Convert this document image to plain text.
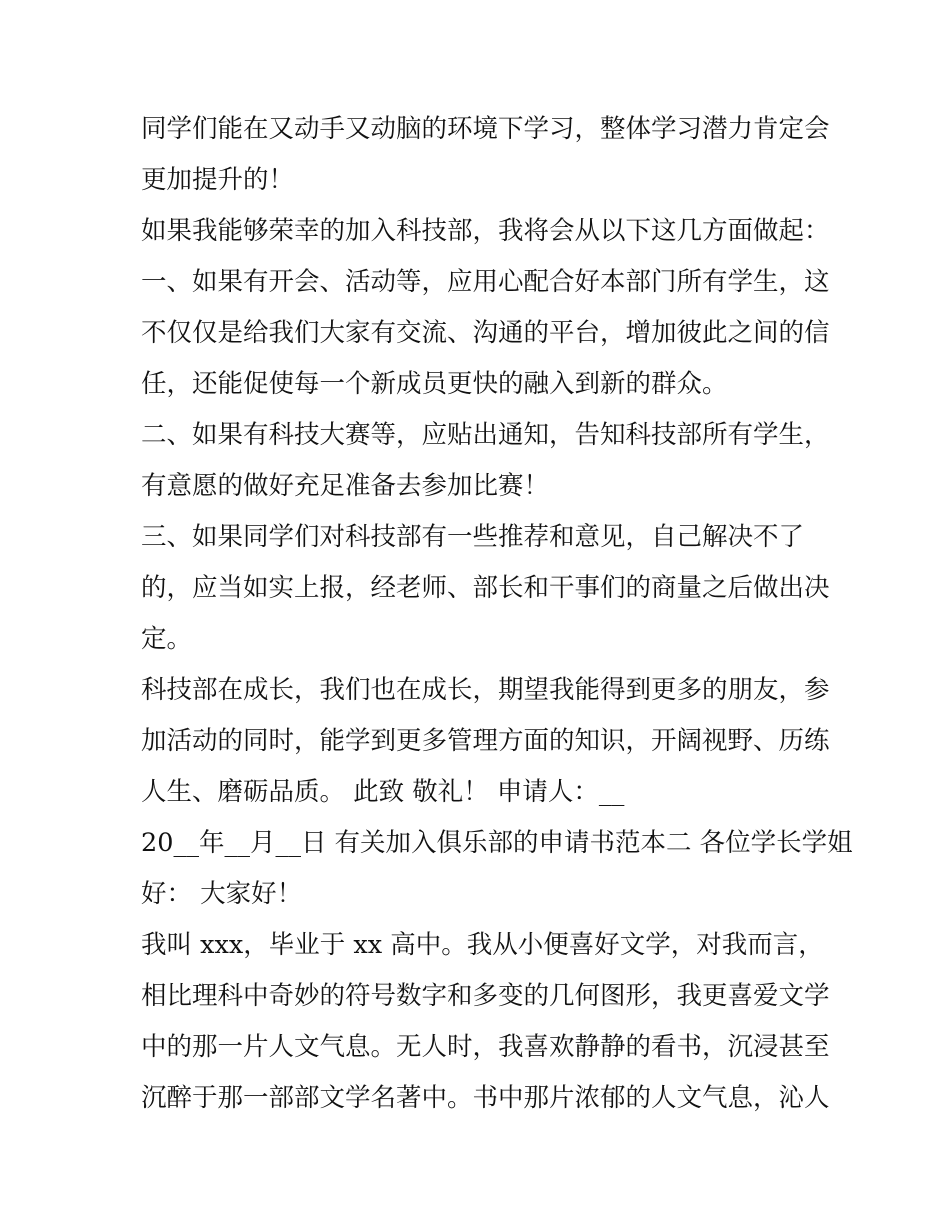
同学们能在又动手又动脑的环境下学习，整体学习潜力肯定会

更加提升的！

如果我能够荣幸的加入科技部，我将会从以下这几方面做起：

一、如果有开会、活动等，应用心配合好本部门所有学生，这

不仅仅是给我们大家有交流、沟通的平台，增加彼此之间的信

任，还能促使每一个新成员更快的融入到新的群众。

二、如果有科技大赛等，应贴出通知，告知科技部所有学生，

有意愿的做好充足准备去参加比赛！

三、如果同学们对科技部有一些推荐和意见，自己解决不了

的，应当如实上报，经老师、部长和干事们的商量之后做出决

定。

科技部在成长，我们也在成长，期望我能得到更多的朋友，参

加活动的同时，能学到更多管理方面的知识，开阔视野、历练

人生、磨砺品质。 此致 敬礼！ 申请人：__

20__年__月__日 有关加入俱乐部的申请书范本二 各位学长学姐

好： 大家好！

我叫 xxx，毕业于 xx 高中。我从小便喜好文学，对我而言，

相比理科中奇妙的符号数字和多变的几何图形，我更喜爱文学

中的那一片人文气息。无人时，我喜欢静静的看书，沉浸甚至

沉醉于那一部部文学名著中。书中那片浓郁的人文气息，沁人
